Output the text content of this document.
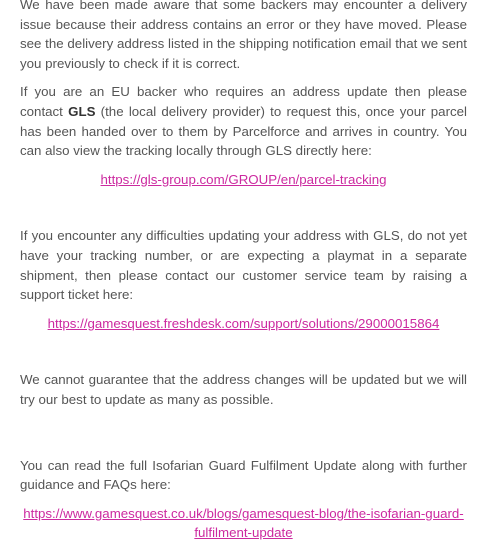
We have been made aware that some backers may encounter a delivery issue because their address contains an error or they have moved. Please see the delivery address listed in the shipping notification email that we sent you previously to check if it is correct.

If you are an EU backer who requires an address update then please contact GLS (the local delivery provider) to request this, once your parcel has been handed over to them by Parcelforce and arrives in country. You can also view the tracking locally through GLS directly here:

https://gls-group.com/GROUP/en/parcel-tracking

If you encounter any difficulties updating your address with GLS, do not yet have your tracking number, or are expecting a playmat in a separate shipment, then please contact our customer service team by raising a support ticket here:

https://gamesquest.freshdesk.com/support/solutions/29000015864

We cannot guarantee that the address changes will be updated but we will try our best to update as many as possible.

You can read the full Isofarian Guard Fulfilment Update along with further guidance and FAQs here:

https://www.gamesquest.co.uk/blogs/gamesquest-blog/the-isofarian-guard-
fulfilment-update
